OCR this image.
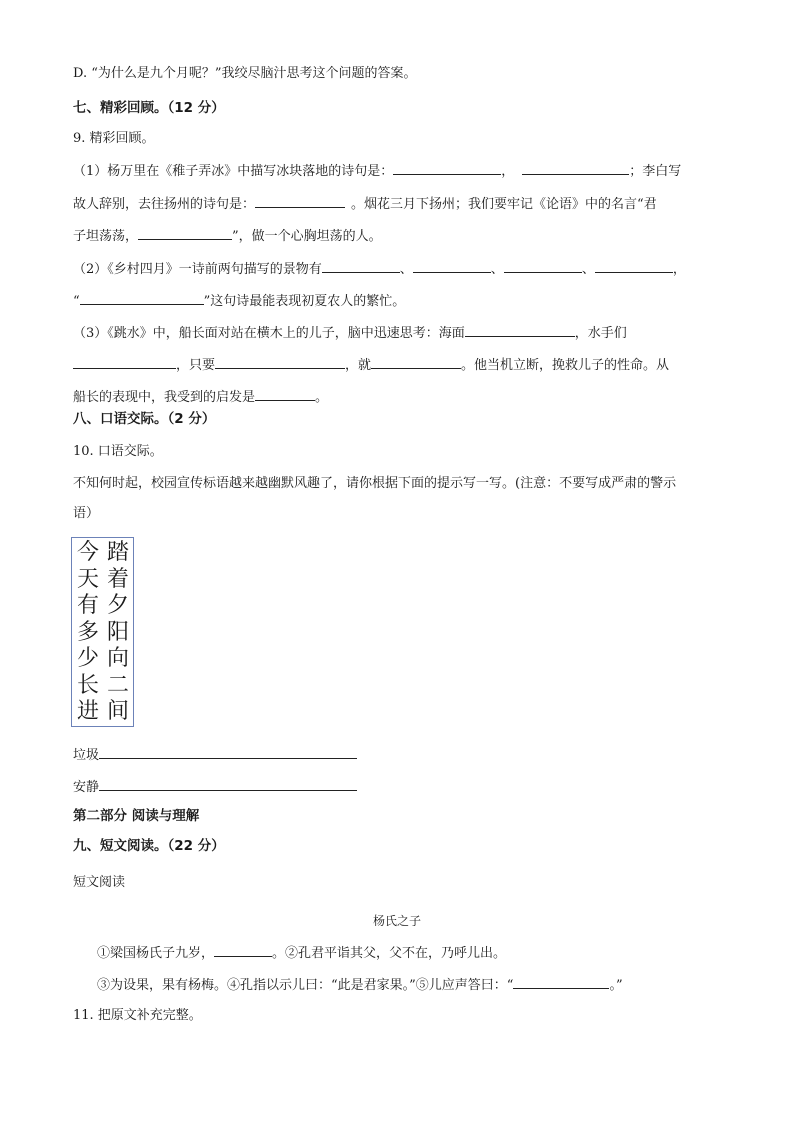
D. “为什么是九个月呢？”我绞尽脑汁思考这个问题的答案。
七、精彩回顾。（12 分）
9. 精彩回顾。
（1）杨万里在《稚子弄冰》中描写冰块落地的诗句是：	，	；李白写
故人辞别，去往扬州的诗句是：	。烟花三月下扬州；我们要牢记《论语》中的名言“君
子坦荡荡，	”，做一个心胸坦荡的人。
（2）《乡村四月》一诗前两句描写的景物有	、	、	、	，
“	”这句诗最能表现初夏农人的繁忙。
（3）《跳水》中，船长面对站在横木上的儿子，脑中迅速思考：海面	，水手们
，只要	，就	。他当机立断，挽救儿子的性命。从
船长的表现中，我受到的启发是	。
八、口语交际。（2 分）
10. 口语交际。
不知何时起，校园宣传标语越来越幽默风趣了，请你根据下面的提示写一写。(注意：不要写成严肃的警示
语）
今
天
有
多
少
长
进
踏
着
夕
阳
向
二
间
垃圾
安静
第二部分 阅读与理解
九、短文阅读。（22 分）
短文阅读
杨氏之子
①梁国杨氏子九岁，	。②孔君平诣其父，父不在，乃呼儿出。
③为设果，果有杨梅。④孔指以示儿曰：“此是君家果。”⑤儿应声答曰：“	。”
11. 把原文补充完整。
